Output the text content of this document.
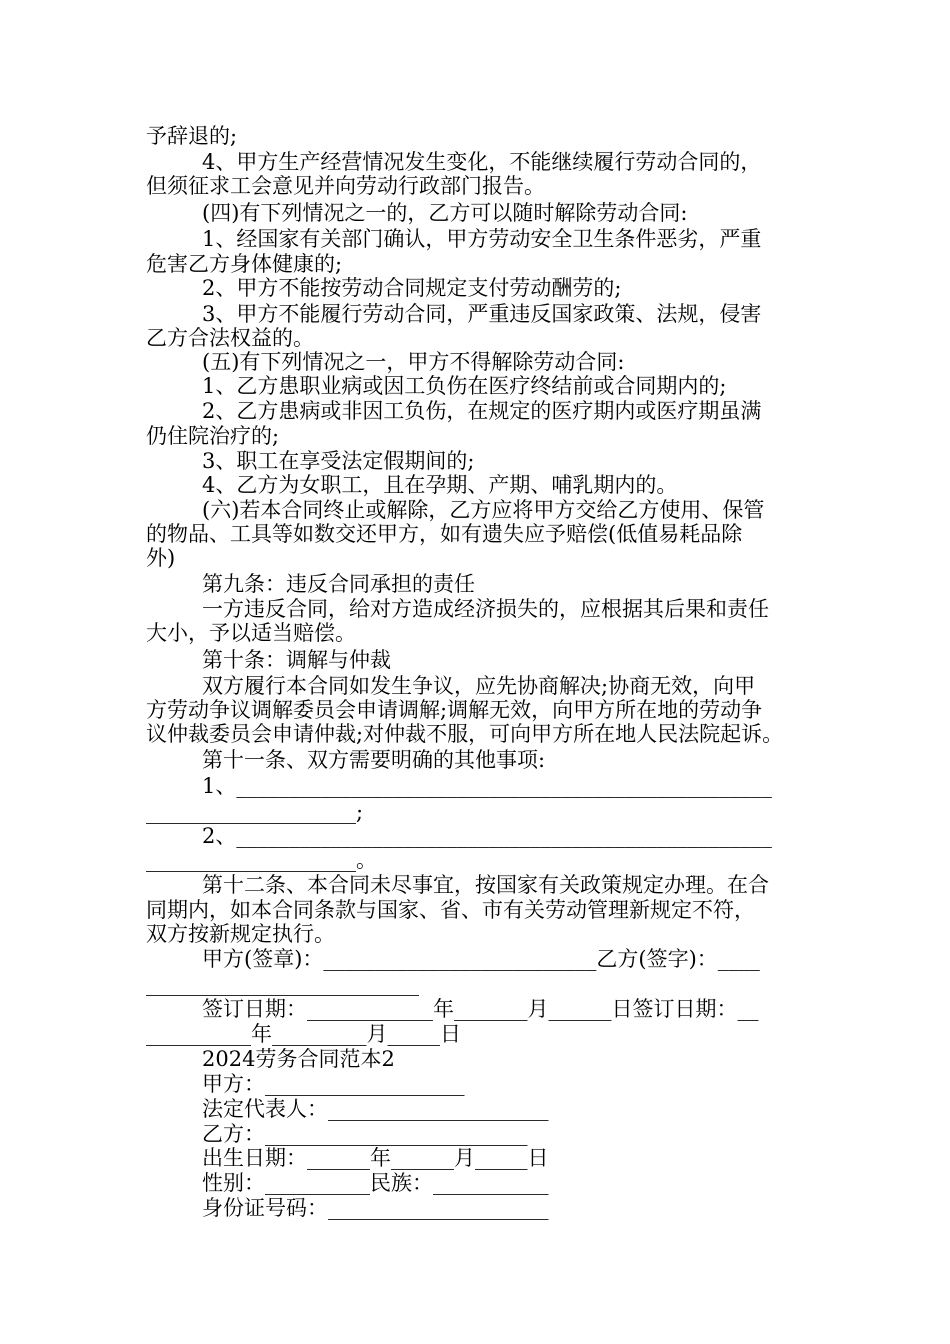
予辞退的;
4、甲方生产经营情况发生变化，不能继续履行劳动合同的，
但须征求工会意见并向劳动行政部门报告。
(四)有下列情况之一的，乙方可以随时解除劳动合同:
1、经国家有关部门确认，甲方劳动安全卫生条件恶劣，严重
危害乙方身体健康的;
2、甲方不能按劳动合同规定支付劳动酬劳的;
3、甲方不能履行劳动合同，严重违反国家政策、法规，侵害
乙方合法权益的。
(五)有下列情况之一，甲方不得解除劳动合同:
1、乙方患职业病或因工负伤在医疗终结前或合同期内的;
2、乙方患病或非因工负伤，在规定的医疗期内或医疗期虽满
仍住院治疗的;
3、职工在享受法定假期间的;
4、乙方为女职工，且在孕期、产期、哺乳期内的。
(六)若本合同终止或解除，乙方应将甲方交给乙方使用、保管
的物品、工具等如数交还甲方，如有遗失应予赔偿(低值易耗品除
外)
第九条：违反合同承担的责任
一方违反合同，给对方造成经济损失的，应根据其后果和责任
大小，予以适当赔偿。
第十条：调解与仲裁
双方履行本合同如发生争议，应先协商解决;协商无效，向甲
方劳动争议调解委员会申请调解;调解无效，向甲方所在地的劳动争
议仲裁委员会申请仲裁;对仲裁不服，可向甲方所在地人民法院起诉。
第十一条、双方需要明确的其他事项:
1、___________________________________________________
____________________;
2、___________________________________________________
____________________。
第十二条、本合同未尽事宜，按国家有关政策规定办理。在合
同期内，如本合同条款与国家、省、市有关劳动管理新规定不符，
双方按新规定执行。
甲方(签章)：__________________________乙方(签字)：____
__________________________
签订日期：____________年_______月______日签订日期：__
__________年_________月_____日
2024劳务合同范本2
甲方：___________________
法定代表人：_____________________
乙方：_________________________
出生日期：______年______月_____日
性别：__________民族：___________
身份证号码：_____________________
